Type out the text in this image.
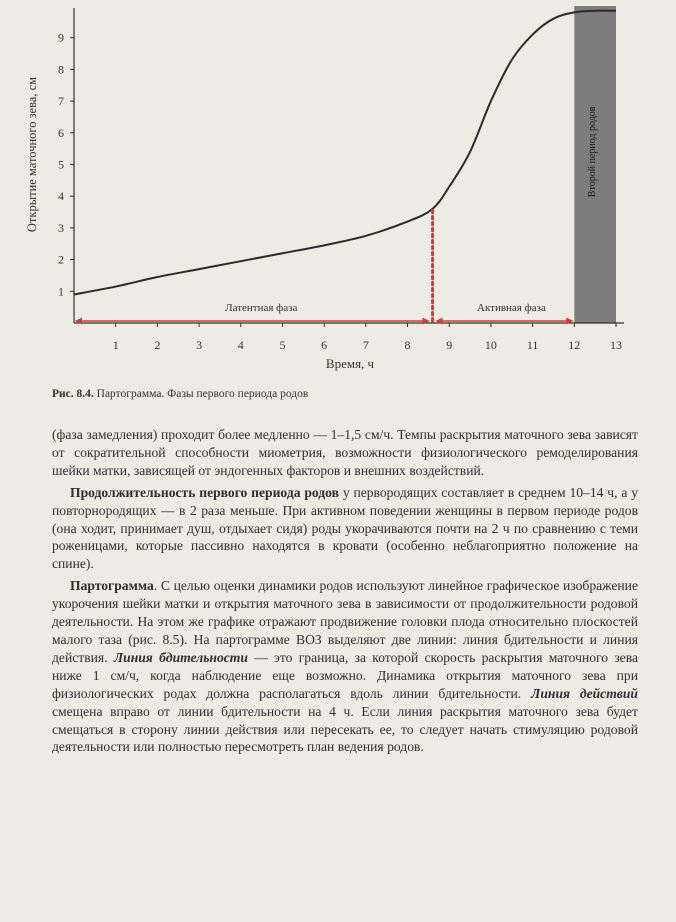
Второй период родов
1	2	3	4	5	6	7	8	9	10 11 12 13
1
2
3
4
5
6
7
8
9
Латентная фаза	Активная фаза
Время, ч
Открытие маточного зева, см
Рис. 8.4. Партограмма. Фазы первого периода родов

(фаза замедления) проходит более медленно — 1–1,5 см/ч. Темпы раскрытия маточного зева зависят от сократительной способности миометрия, возможности физиологического ремоделирования шейки матки, зависящей от эндогенных факторов и внешних воздействий.

Продолжительность первого периода родов у первородящих составляет в среднем 10–14 ч, а у повторнородящих — в 2 раза меньше. При активном поведении женщины в первом периоде родов (она ходит, принимает душ, отдыхает сидя) роды укорачиваются почти на 2 ч по сравнению с теми роженицами, которые пассивно находятся в кровати (особенно неблагоприятно положение на спине).

Партограмма. С целью оценки динамики родов используют линейное графическое изображение укорочения шейки матки и открытия маточного зева в зависимости от продолжительности родовой деятельности. На этом же графике отражают продвижение головки плода относительно плоскостей малого таза (рис. 8.5). На партограмме ВОЗ выделяют две линии: линия бдительности и линия действия. Линия бдительности — это граница, за которой скорость раскрытия маточного зева ниже 1 см/ч, когда наблюдение еще возможно. Динамика открытия маточного зева при физиологических родах должна располагаться вдоль линии бдительности. Линия действий смещена вправо от линии бдительности на 4 ч. Если линия раскрытия маточного зева будет смещаться в сторону линии действия или пересекать ее, то следует начать стимуляцию родовой деятельности или полностью пересмотреть план ведения родов.
